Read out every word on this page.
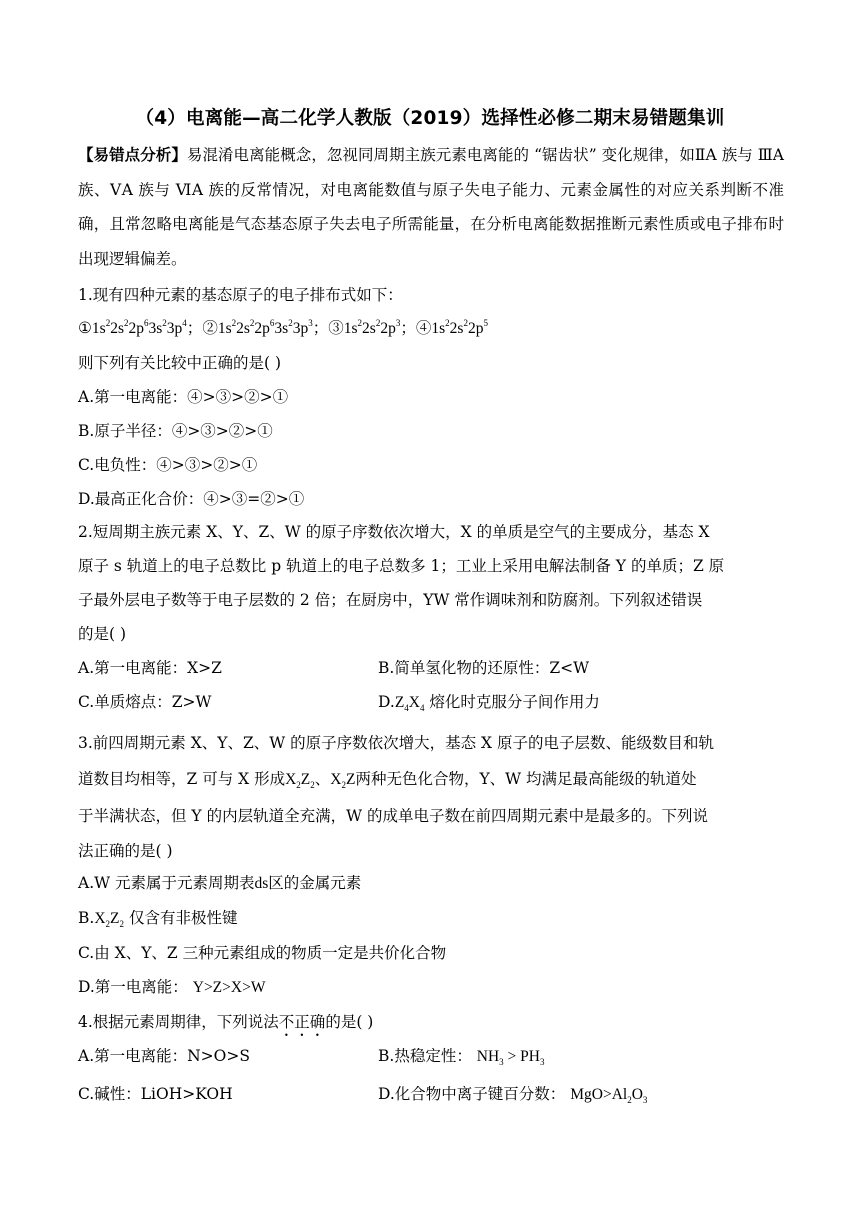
（4）电离能—高二化学人教版（2019）选择性必修二期末易错题集训
【易错点分析】易混淆电离能概念，忽视同周期主族元素电离能的 “锯齿状” 变化规律，如ⅡA 族与 ⅢA 族、ⅤA 族与 ⅥA 族的反常情况，对电离能数值与原子失电子能力、元素金属性的对应关系判断不准确，且常忽略电离能是气态基态原子失去电子所需能量，在分析电离能数据推断元素性质或电子排布时出现逻辑偏差。
1.现有四种元素的基态原子的电子排布式如下：
$①1s^22s^22p^63s^23p^4$；$②1s^22s^22p^63s^23p^3$；$③1s^22s^22p^3$；$④1s^22s^22p^5$
则下列有关比较中正确的是( )
A.第一电离能：④>③>②>①
B.原子半径：④>③>②>①
C.电负性：④>③>②>①
D.最高正化合价：④>③=②>①
2.短周期主族元素 X、Y、Z、W 的原子序数依次增大，X 的单质是空气的主要成分，基态 X
原子 s 轨道上的电子总数比 p 轨道上的电子总数多 1；工业上采用电解法制备 Y 的单质；Z 原
子最外层电子数等于电子层数的 2 倍；在厨房中，YW 常作调味剂和防腐剂。下列叙述错误
的是( )
A.第一电离能：X>Z	B.简单氢化物的还原性：Z<W
C.单质熔点：Z>W	$D.Z_4X_4$ 熔化时克服分子间作用力
3.前四周期元素 X、Y、Z、W 的原子序数依次增大，基态 X 原子的电子层数、能级数目和轨
道数目均相等，Z 可与 X 形成$X_2Z_2$、$X_2Z$两种无色化合物，Y、W 均满足最高能级的轨道处
于半满状态，但 Y 的内层轨道全充满，W 的成单电子数在前四周期元素中是最多的。下列说
法正确的是( )
A.W 元素属于元素周期表ds区的金属元素
$B.X_2Z_2$ 仅含有非极性键
C.由 X、Y、Z 三种元素组成的物质一定是共价化合物
D.第一电离能： Y>Z>X>W
4.根据元素周期律，下列说法不正确的是( )
A.第一电离能：N>O>S	B.热稳定性： $NH_3 > PH_3$
C.碱性：LiOH>KOH	D.化合物中离子键百分数： $MgO>Al_2O_3$
